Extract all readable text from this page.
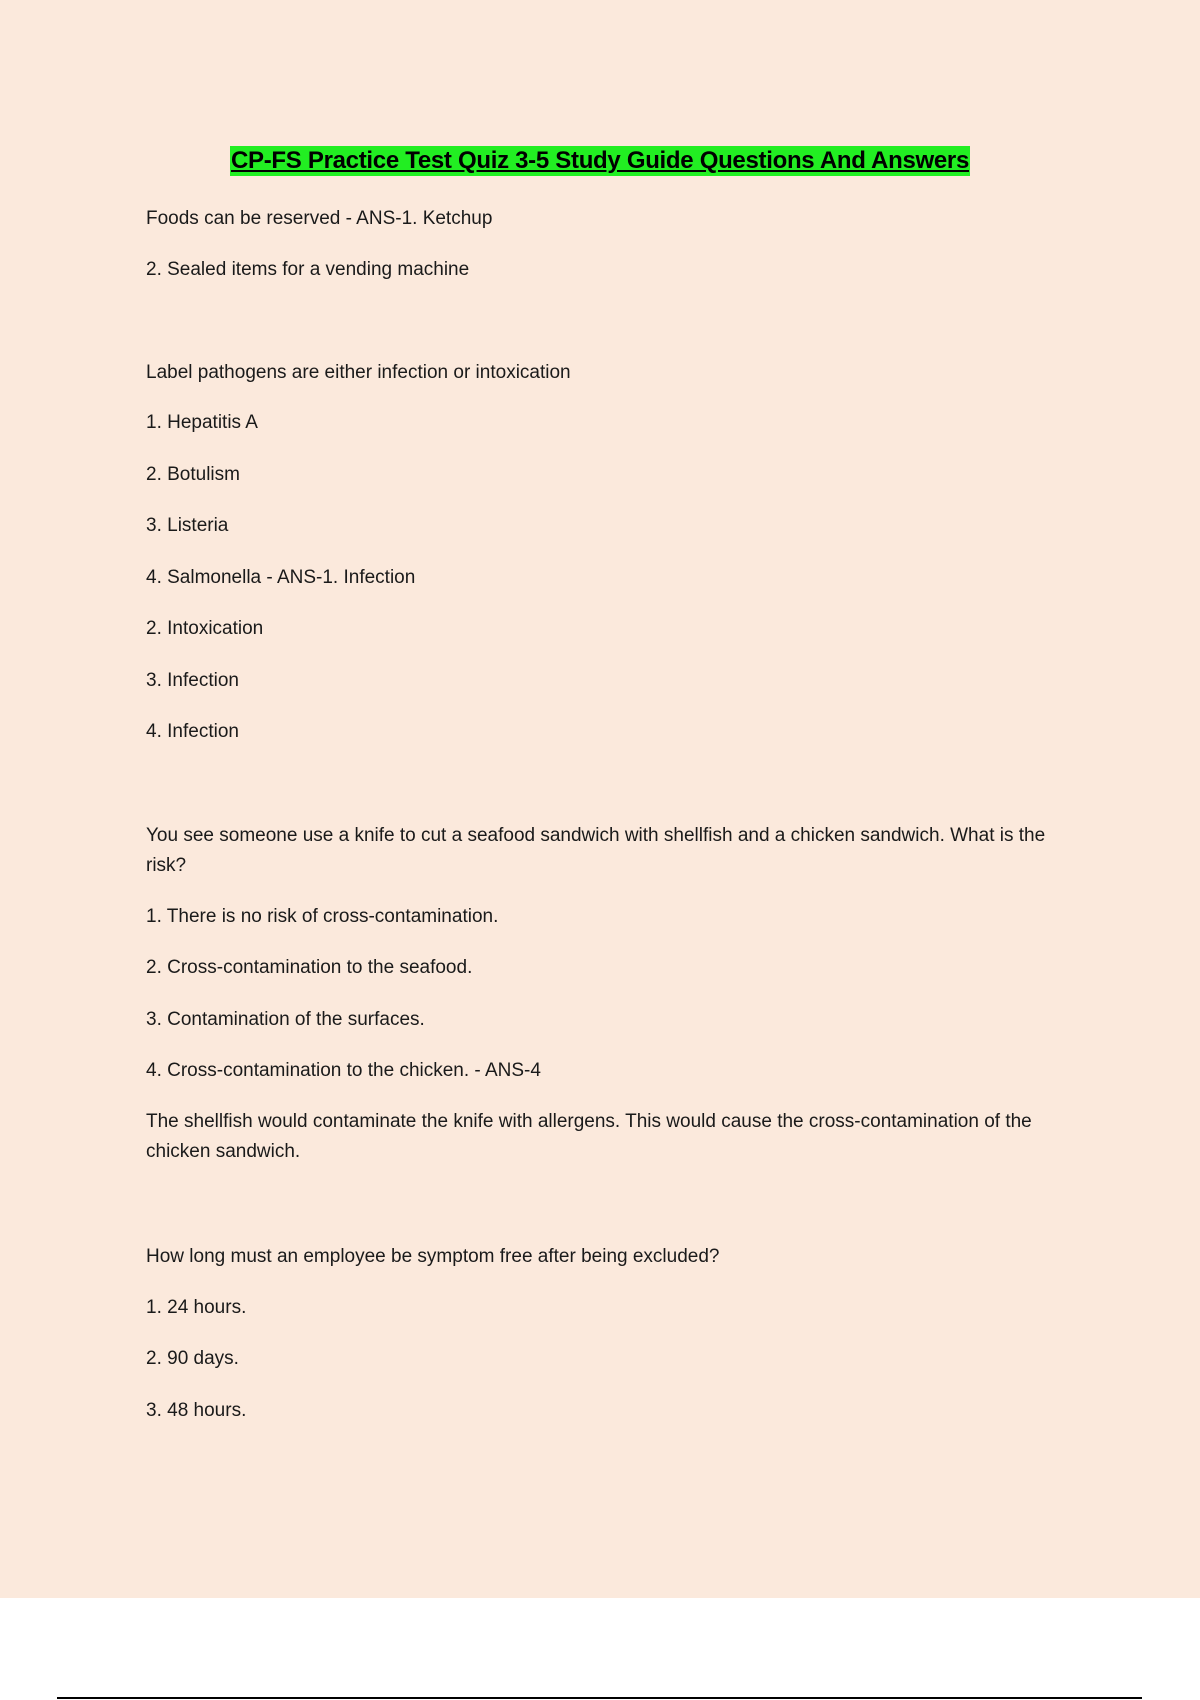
CP-FS Practice Test Quiz 3-5 Study Guide Questions And Answers
Foods can be reserved - ANS-1. Ketchup
2. Sealed items for a vending machine
Label pathogens are either infection or intoxication
1. Hepatitis A
2. Botulism
3. Listeria
4. Salmonella - ANS-1. Infection
2. Intoxication
3. Infection
4. Infection
You see someone use a knife to cut a seafood sandwich with shellfish and a chicken sandwich. What is the risk?
1. There is no risk of cross-contamination.
2. Cross-contamination to the seafood.
3. Contamination of the surfaces.
4. Cross-contamination to the chicken. - ANS-4
The shellfish would contaminate the knife with allergens. This would cause the cross-contamination of the chicken sandwich.
How long must an employee be symptom free after being excluded?
1. 24 hours.
2. 90 days.
3. 48 hours.
